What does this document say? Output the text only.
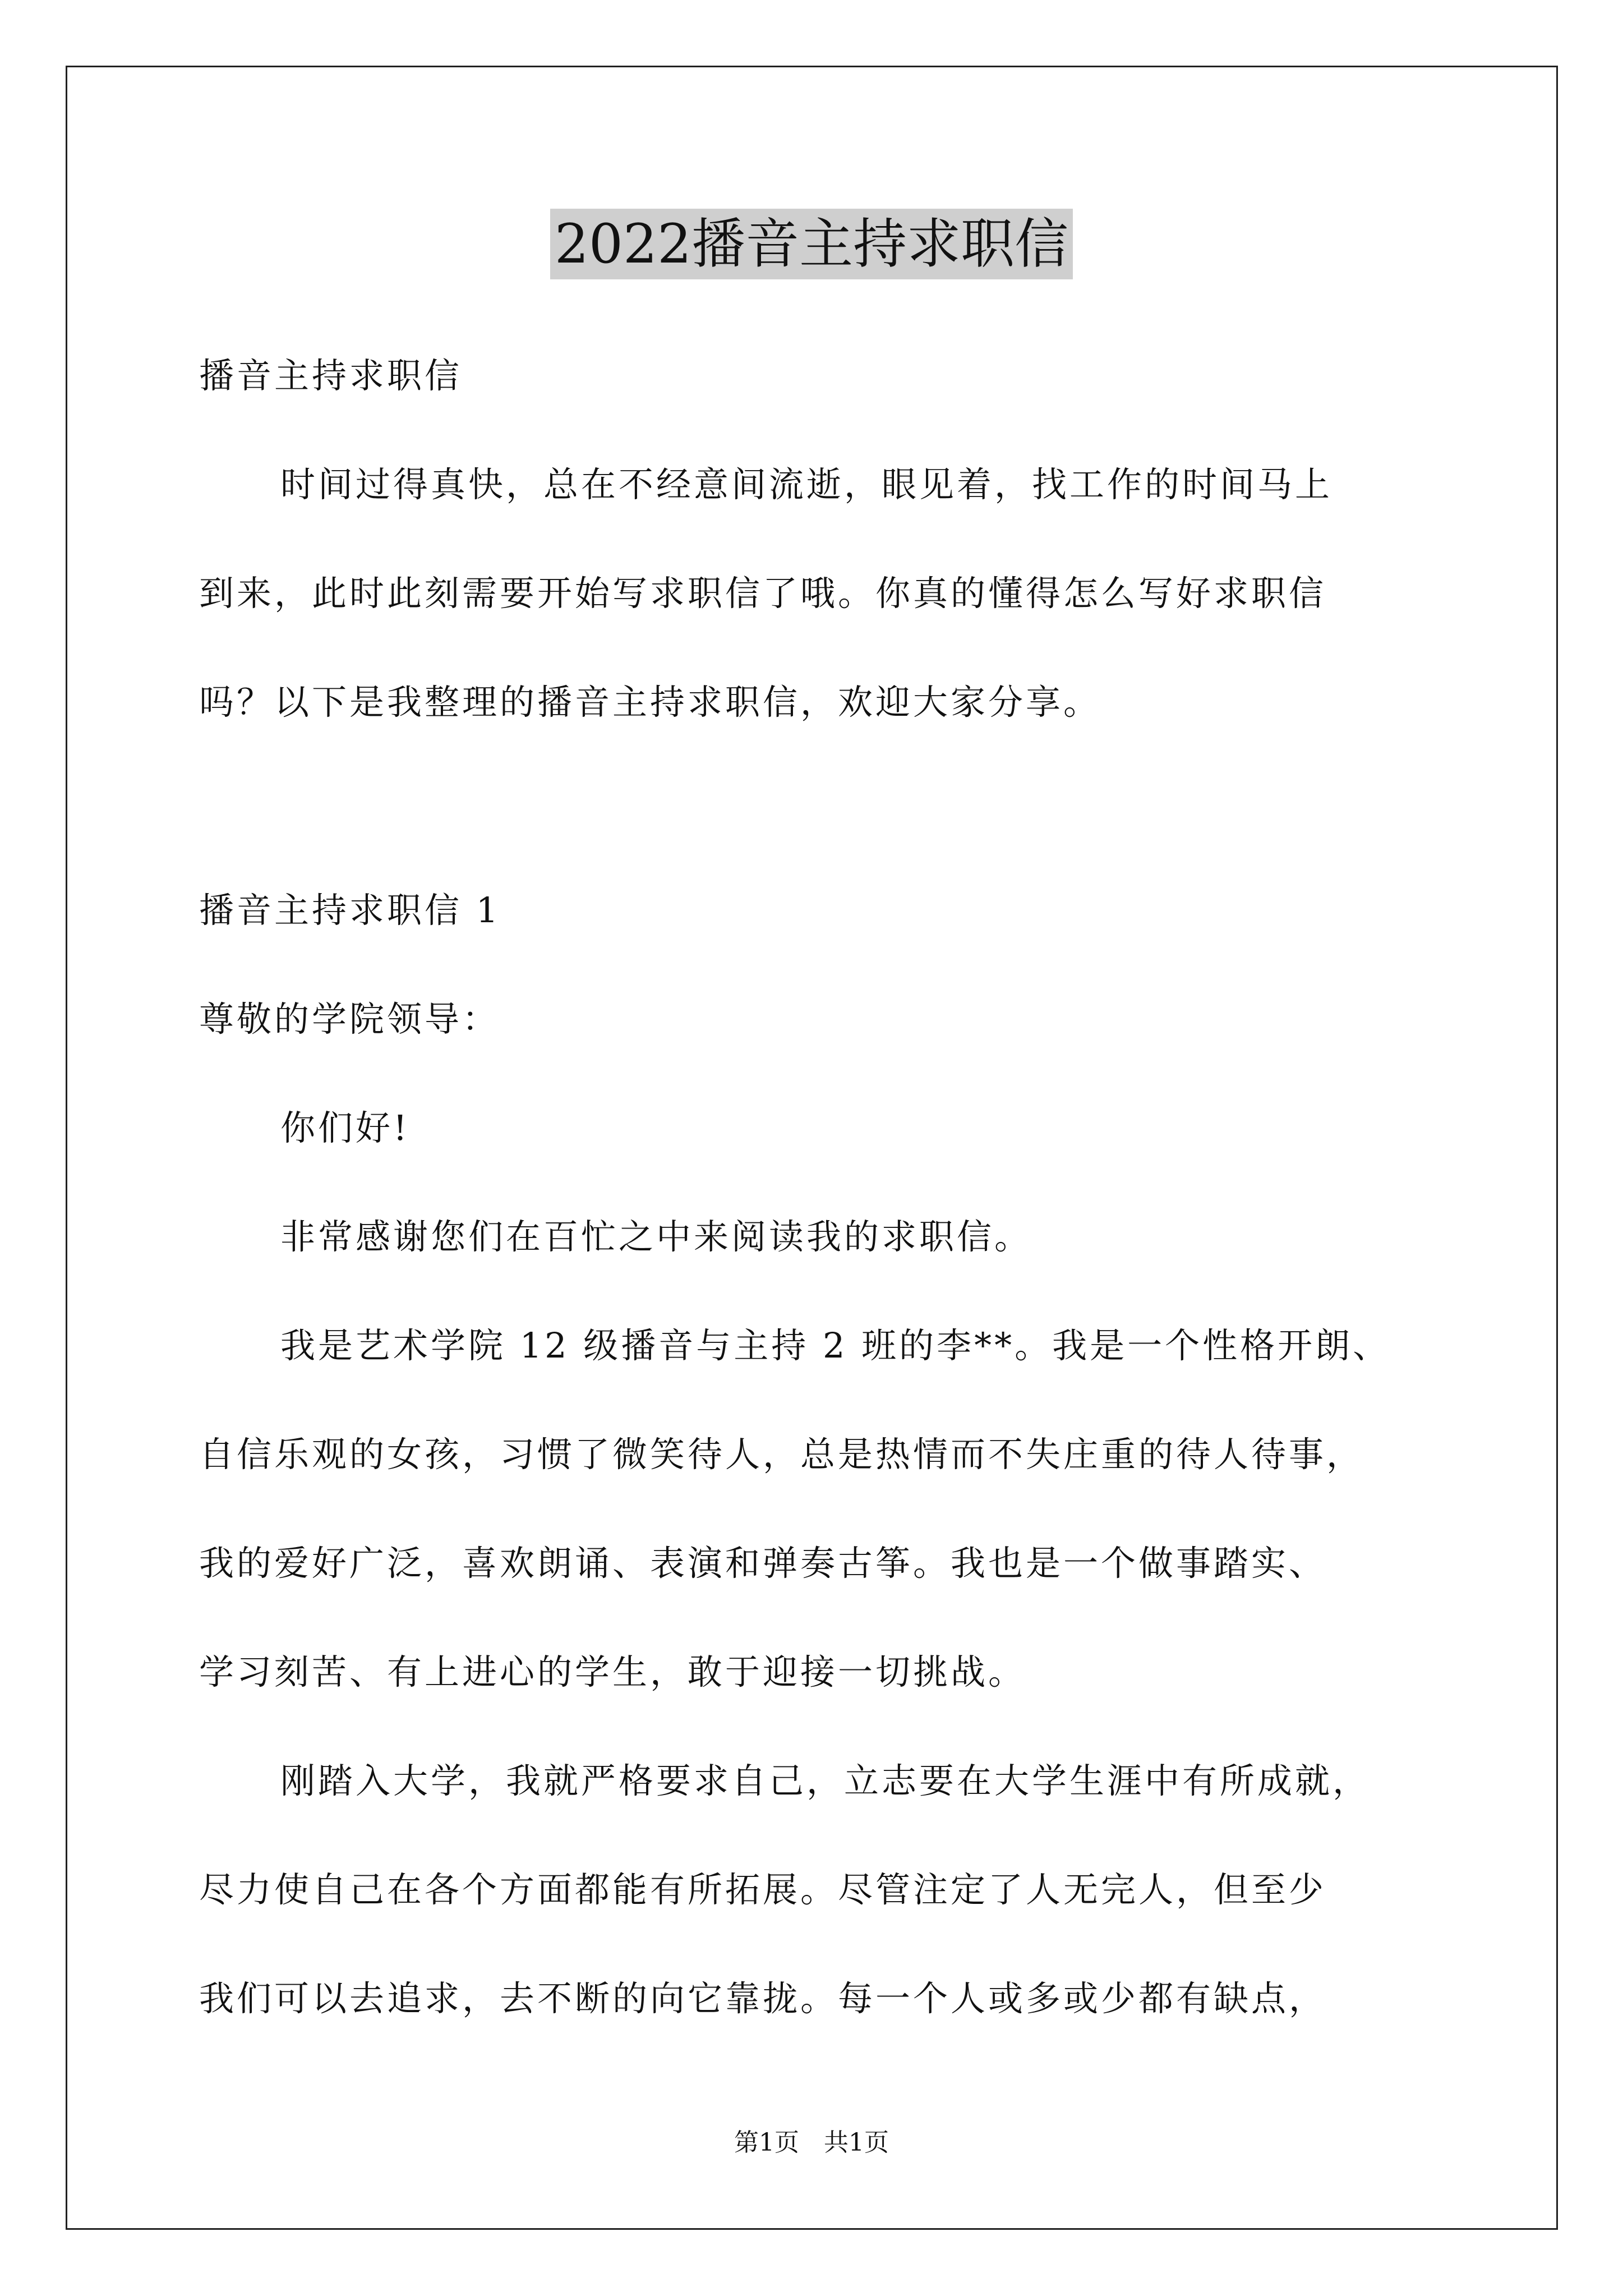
2022播音主持求职信
播音主持求职信
时间过得真快，总在不经意间流逝，眼见着，找工作的时间马上
到来，此时此刻需要开始写求职信了哦。你真的懂得怎么写好求职信
吗？以下是我整理的播音主持求职信，欢迎大家分享。
播音主持求职信 1
尊敬的学院领导：
你们好!
非常感谢您们在百忙之中来阅读我的求职信。
我是艺术学院 12 级播音与主持 2 班的李**。我是一个性格开朗、
自信乐观的女孩，习惯了微笑待人，总是热情而不失庄重的待人待事，
我的爱好广泛，喜欢朗诵、表演和弹奏古筝。我也是一个做事踏实、
学习刻苦、有上进心的学生，敢于迎接一切挑战。
刚踏入大学，我就严格要求自己，立志要在大学生涯中有所成就，
尽力使自己在各个方面都能有所拓展。尽管注定了人无完人，但至少
我们可以去追求，去不断的向它靠拢。每一个人或多或少都有缺点，
第1页　共1页
